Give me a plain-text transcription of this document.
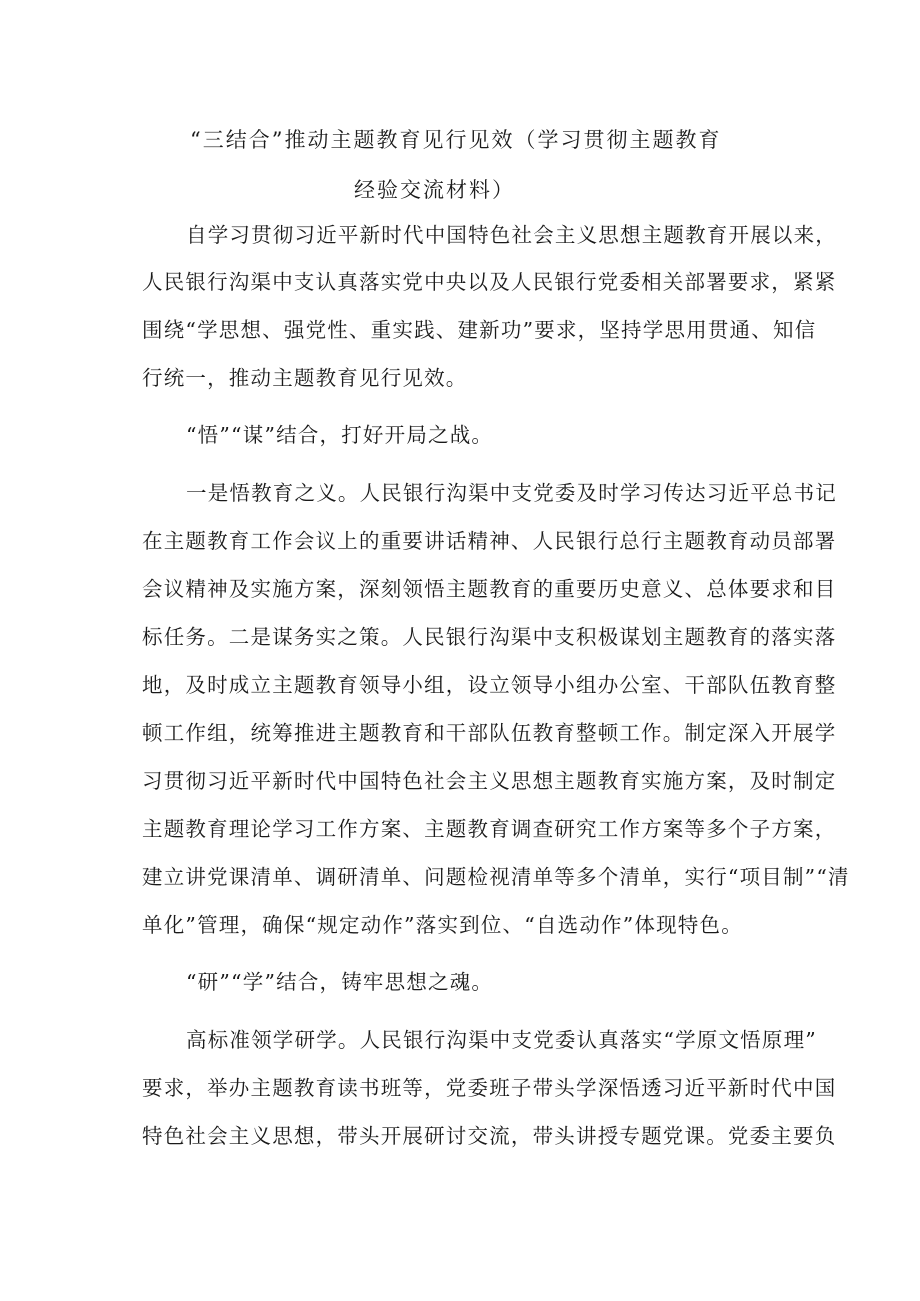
“三结合”推动主题教育见行见效（学习贯彻主题教育
经验交流材料）
自学习贯彻习近平新时代中国特色社会主义思想主题教育开展以来，
人民银行沟渠中支认真落实党中央以及人民银行党委相关部署要求，紧紧
围绕“学思想、强党性、重实践、建新功”要求，坚持学思用贯通、知信
行统一，推动主题教育见行见效。
“悟”“谋”结合，打好开局之战。
一是悟教育之义。人民银行沟渠中支党委及时学习传达习近平总书记
在主题教育工作会议上的重要讲话精神、人民银行总行主题教育动员部署
会议精神及实施方案，深刻领悟主题教育的重要历史意义、总体要求和目
标任务。二是谋务实之策。人民银行沟渠中支积极谋划主题教育的落实落
地，及时成立主题教育领导小组，设立领导小组办公室、干部队伍教育整
顿工作组，统筹推进主题教育和干部队伍教育整顿工作。制定深入开展学
习贯彻习近平新时代中国特色社会主义思想主题教育实施方案，及时制定
主题教育理论学习工作方案、主题教育调查研究工作方案等多个子方案，
建立讲党课清单、调研清单、问题检视清单等多个清单，实行“项目制”“清
单化”管理，确保“规定动作”落实到位、“自选动作”体现特色。
“研”“学”结合，铸牢思想之魂。
高标准领学研学。人民银行沟渠中支党委认真落实“学原文悟原理”
要求，举办主题教育读书班等，党委班子带头学深悟透习近平新时代中国
特色社会主义思想，带头开展研讨交流，带头讲授专题党课。党委主要负
